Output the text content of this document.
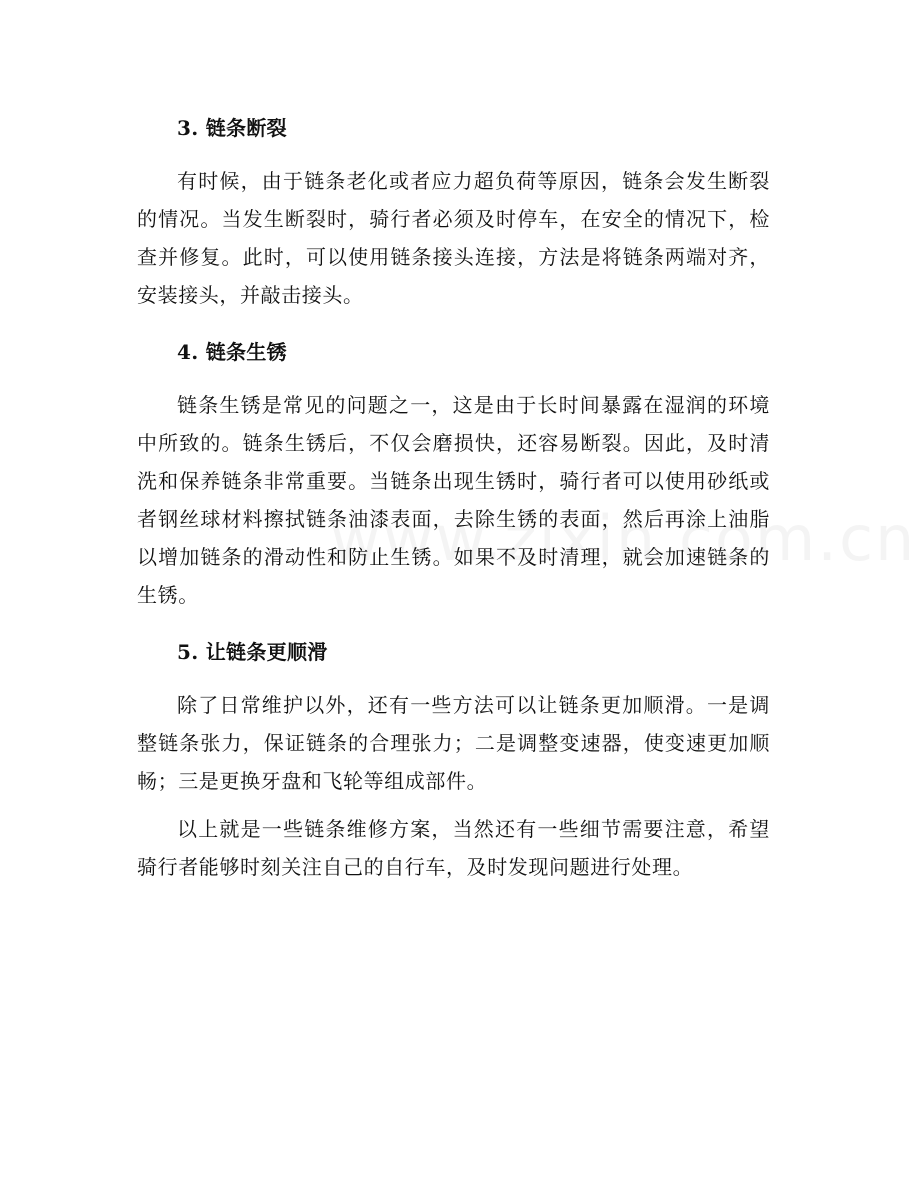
3. 链条断裂

有时候，由于链条老化或者应力超负荷等原因，链条会发生断裂的情况。当发生断裂时，骑行者必须及时停车，在安全的情况下，检查并修复。此时，可以使用链条接头连接，方法是将链条两端对齐，安装接头，并敲击接头。

4. 链条生锈

链条生锈是常见的问题之一，这是由于长时间暴露在湿润的环境中所致的。链条生锈后，不仅会磨损快，还容易断裂。因此，及时清洗和保养链条非常重要。当链条出现生锈时，骑行者可以使用砂纸或者钢丝球材料擦拭链条油漆表面，去除生锈的表面，然后再涂上油脂以增加链条的滑动性和防止生锈。如果不及时清理，就会加速链条的生锈。

5. 让链条更顺滑

除了日常维护以外，还有一些方法可以让链条更加顺滑。一是调整链条张力，保证链条的合理张力；二是调整变速器，使变速更加顺畅；三是更换牙盘和飞轮等组成部件。

以上就是一些链条维修方案，当然还有一些细节需要注意，希望骑行者能够时刻关注自己的自行车，及时发现问题进行处理。
